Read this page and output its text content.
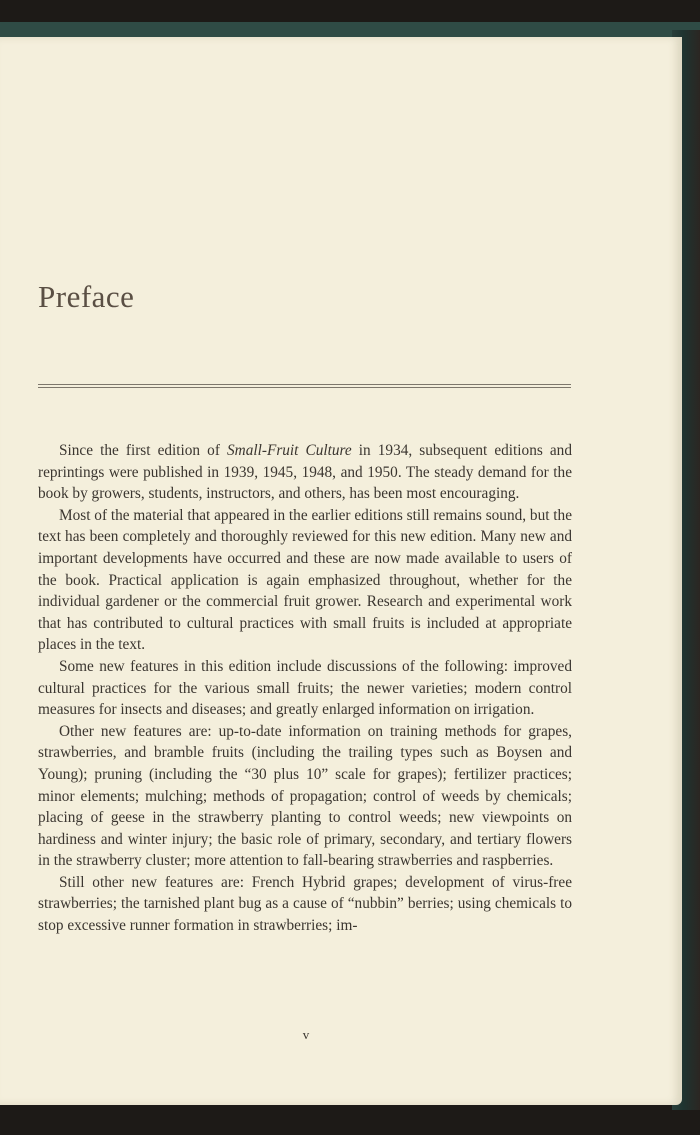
Preface

Since the first edition of Small-Fruit Culture in 1934, subsequent editions and reprintings were published in 1939, 1945, 1948, and 1950. The steady demand for the book by growers, students, instructors, and others, has been most encouraging.

Most of the material that appeared in the earlier editions still remains sound, but the text has been completely and thoroughly reviewed for this new edition. Many new and important developments have occurred and these are now made available to users of the book. Practical application is again emphasized throughout, whether for the individual gardener or the commercial fruit grower. Research and experimental work that has contributed to cultural practices with small fruits is included at appropriate places in the text.

Some new features in this edition include discussions of the following: improved cultural practices for the various small fruits; the newer varieties; modern control measures for insects and diseases; and greatly enlarged information on irrigation.

Other new features are: up-to-date information on training methods for grapes, strawberries, and bramble fruits (including the trailing types such as Boysen and Young); pruning (including the “30 plus 10” scale for grapes); fertilizer practices; minor elements; mulching; methods of propagation; control of weeds by chemicals; placing of geese in the strawberry planting to control weeds; new viewpoints on hardiness and winter injury; the basic role of primary, secondary, and tertiary flowers in the strawberry cluster; more attention to fall-bearing strawberries and raspberries.

Still other new features are: French Hybrid grapes; development of virus-free strawberries; the tarnished plant bug as a cause of “nubbin” berries; using chemicals to stop excessive runner formation in strawberries; im-

v
